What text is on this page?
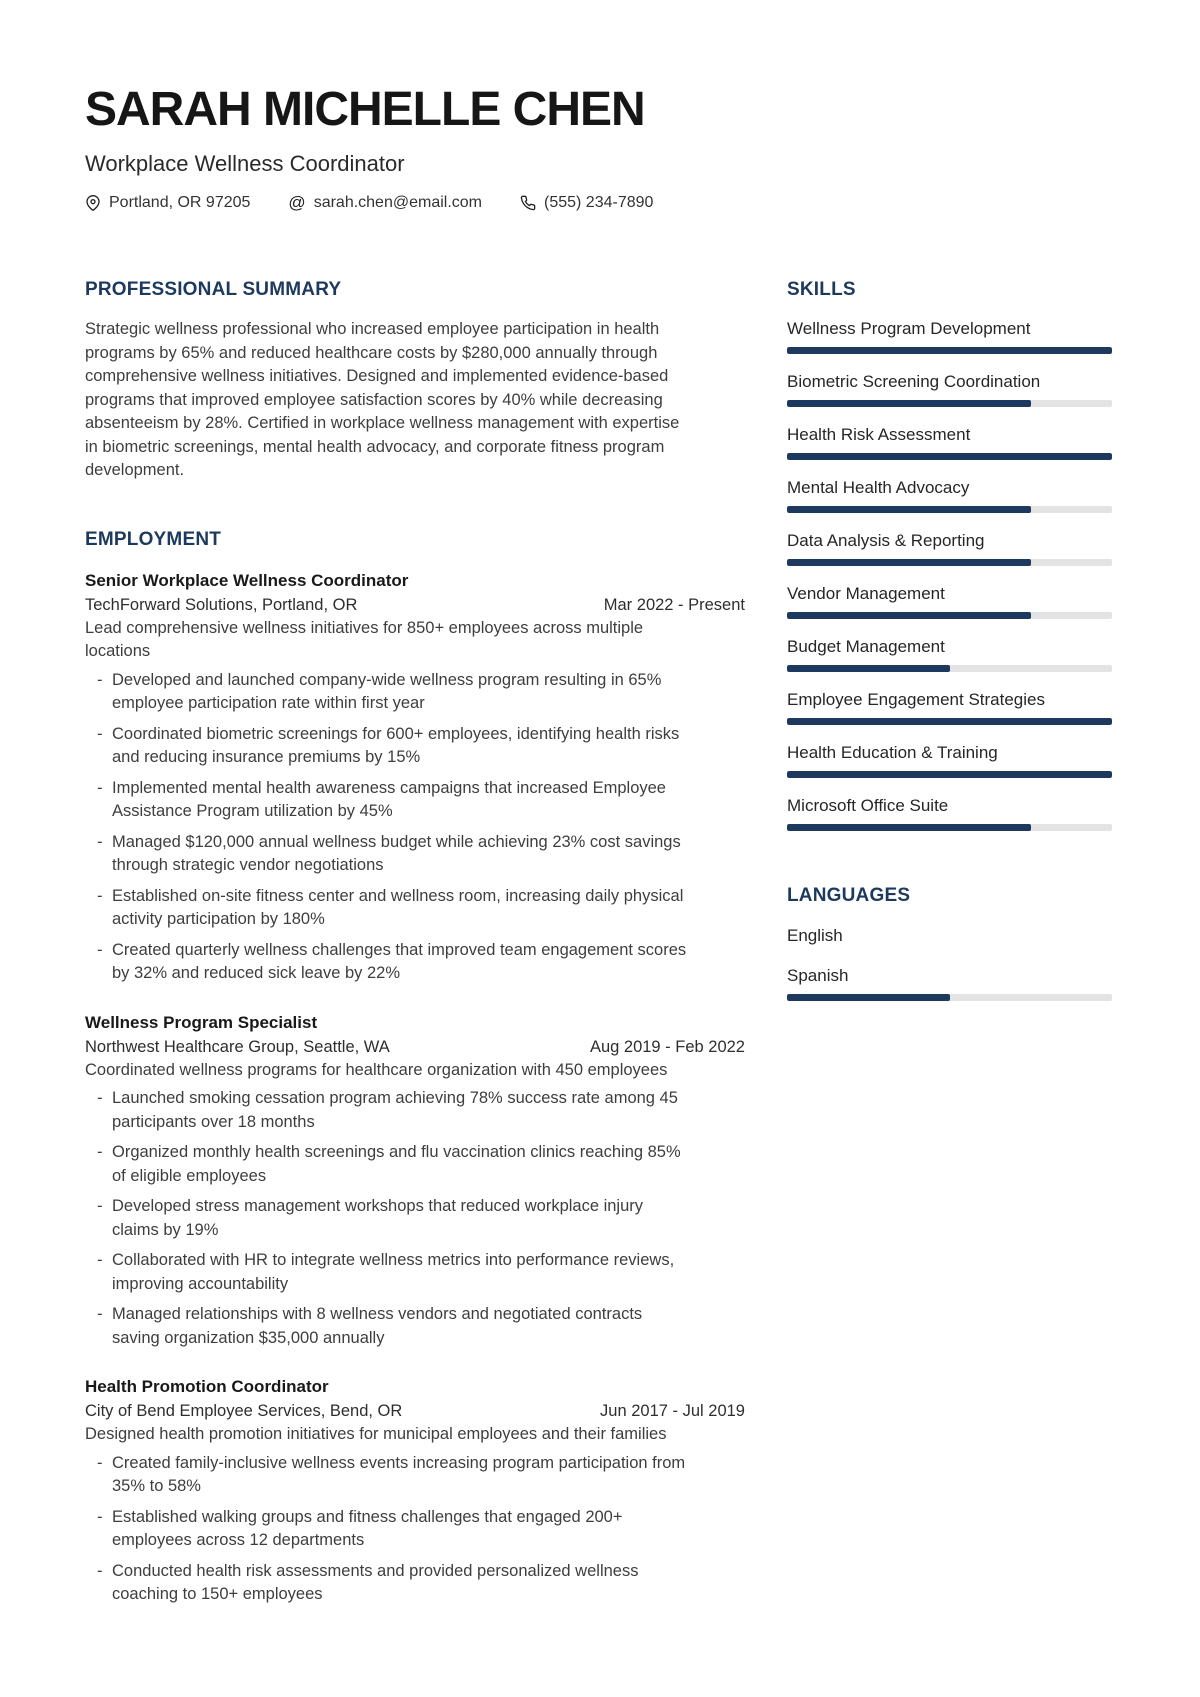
SARAH MICHELLE CHEN
Workplace Wellness Coordinator
Portland, OR 97205 @ sarah.chen@email.com	(555) 234-7890
PROFESSIONAL SUMMARY

Strategic wellness professional who increased employee participation in health programs by 65% and reduced healthcare costs by $280,000 annually through comprehensive wellness initiatives. Designed and implemented evidence-based programs that improved employee satisfaction scores by 40% while decreasing absenteeism by 28%. Certified in workplace wellness management with expertise in biometric screenings, mental health advocacy, and corporate fitness program development.

EMPLOYMENT
Senior Workplace Wellness Coordinator
TechForward Solutions, Portland, OR	Mar 2022 - Present

Lead comprehensive wellness initiatives for 850+ employees across multiple locations

- Developed and launched company-wide wellness program resulting in 65% employee participation rate within first year
- Coordinated biometric screenings for 600+ employees, identifying health risks and reducing insurance premiums by 15%
- Implemented mental health awareness campaigns that increased Employee Assistance Program utilization by 45%
- Managed $120,000 annual wellness budget while achieving 23% cost savings through strategic vendor negotiations
- Established on-site fitness center and wellness room, increasing daily physical activity participation by 180%
- Created quarterly wellness challenges that improved team engagement scores by 32% and reduced sick leave by 22%
Wellness Program Specialist
Northwest Healthcare Group, Seattle, WA	Aug 2019 - Feb 2022

Coordinated wellness programs for healthcare organization with 450 employees

- Launched smoking cessation program achieving 78% success rate among 45 participants over 18 months
- Organized monthly health screenings and flu vaccination clinics reaching 85% of eligible employees
- Developed stress management workshops that reduced workplace injury claims by 19%
- Collaborated with HR to integrate wellness metrics into performance reviews, improving accountability
- Managed relationships with 8 wellness vendors and negotiated contracts saving organization $35,000 annually
Health Promotion Coordinator
City of Bend Employee Services, Bend, OR	Jun 2017 - Jul 2019

Designed health promotion initiatives for municipal employees and their families

- Created family-inclusive wellness events increasing program participation from 35% to 58%
- Established walking groups and fitness challenges that engaged 200+ employees across 12 departments
- Conducted health risk assessments and provided personalized wellness coaching to 150+ employees
SKILLS
Wellness Program Development
Biometric Screening Coordination
Health Risk Assessment
Mental Health Advocacy
Data Analysis & Reporting
Vendor Management
Budget Management
Employee Engagement Strategies
Health Education & Training
Microsoft Office Suite
LANGUAGES
English
Spanish
